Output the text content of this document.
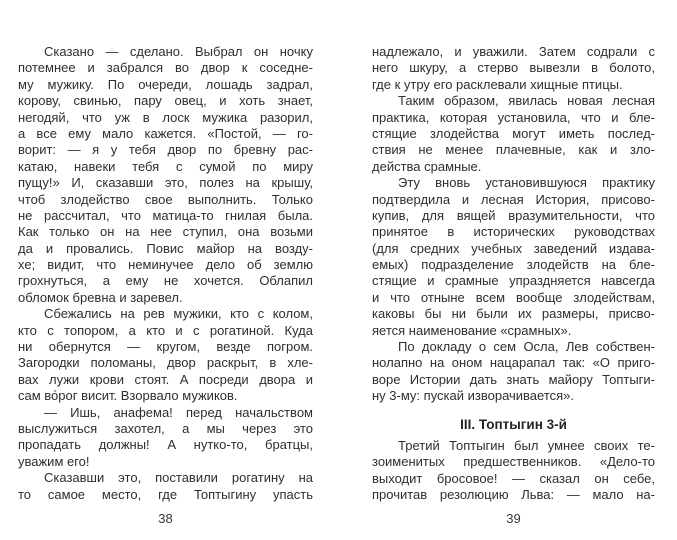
Сказано — сделано. Выбрал он ночку
потемнее и забрался во двор к соседне-
му мужику. По очереди, лошадь задрал,
корову, свинью, пару овец, и хоть знает,
негодяй, что уж в лоск мужика разорил,
а все ему мало кажется. «Постой, — го-
ворит: — я у тебя двор по бревну рас-
катаю, навеки тебя с сумой по миру
пущу!» И, сказавши это, полез на крышу,
чтоб злодейство свое выполнить. Только
не рассчитал, что матица-то гнилая была.
Как только он на нее ступил, она возьми
да и провались. Повис майор на возду-
хе; видит, что неминучее дело об землю
грохнуться, а ему не хочется. Облапил
обломок бревна и заревел.
Сбежались на рев мужики, кто с колом,
кто с топором, а кто и с рогатиной. Куда
ни обернутся — кругом, везде погром.
Загородки поломаны, двор раскрыт, в хле-
вах лужи крови стоят. А посреди двора и
сам во́рог висит. Взорвало мужиков.
— Ишь, анафема! перед начальством
выслужиться захотел, а мы через это
пропадать должны! А нутко-то, братцы,
уважим его!
Сказавши это, поставили рогатину на
то самое место, где Топтыгину упасть
надлежало, и уважили. Затем содрали с
него шкуру, а стерво вывезли в болото,
где к утру его расклевали хищные птицы.
Таким образом, явилась новая лесная
практика, которая установила, что и бле-
стящие злодейства могут иметь послед-
ствия не менее плачевные, как и зло-
действа срамные.
Эту вновь установившуюся практику
подтвердила и лесная История, присово-
купив, для вящей вразумительности, что
принятое в исторических руководствах
(для средних учебных заведений издава-
емых) подразделение злодейств на бле-
стящие и срамные упраздняется навсегда
и что отныне всем вообще злодействам,
каковы бы ни были их размеры, присво-
яется наименование «срамных».
По докладу о сем Осла, Лев собствен-
нолапно на оном нацарапал так: «О приго-
воре Истории дать знать майору Топтыги-
ну 3-му: пускай изворачивается».
III. Топтыгин 3-й
Третий Топтыгин был умнее своих те-
зоименитых предшественников. «Дело-то
выходит бросовое! — сказал он себе,
прочитав резолюцию Льва: — мало на-
38	39
